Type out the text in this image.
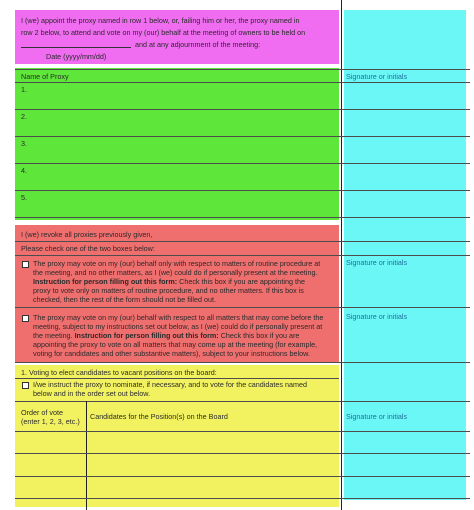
I (we) appoint the proxy named in row 1 below, or, failing him or her, the proxy named in
row 2 below, to attend and vote on my (our) behalf at the meeting of owners to be held on
and at any adjournment of the meeting:
Date (yyyy/mm/dd)
Name of Proxy	Signature or initials
1.
2.
3.
4.
5.
I (we) revoke all proxies previously given,
Please check one of the two boxes below:
The proxy may vote on my (our) behalf only with respect to matters of routine procedure at
the meeting, and no other matters, as I (we) could do if personally present at the meeting.
Instruction for person filling out this form: Check this box if you are appointing the
proxy to vote only on matters of routine procedure, and no other matters. If this box is
checked, then the rest of the form should not be filled out.
Signature or initials
The proxy may vote on my (our) behalf with respect to all matters that may come before the
meeting, subject to my instructions set out below, as I (we) could do if personally present at
the meeting. Instruction for person filling out this form: Check this box if you are
appointing the proxy to vote on all matters that may come up at the meeting (for example,
voting for candidates and other substantive matters), subject to your instructions below.
Signature or initials
1. Voting to elect candidates to vacant positions on the board:
I/we instruct the proxy to nominate, if necessary, and to vote for the candidates named
below and in the order set out below.
Order of vote
(enter 1, 2, 3, etc.)
Candidates for the Position(s) on the Board	Signature or initials
